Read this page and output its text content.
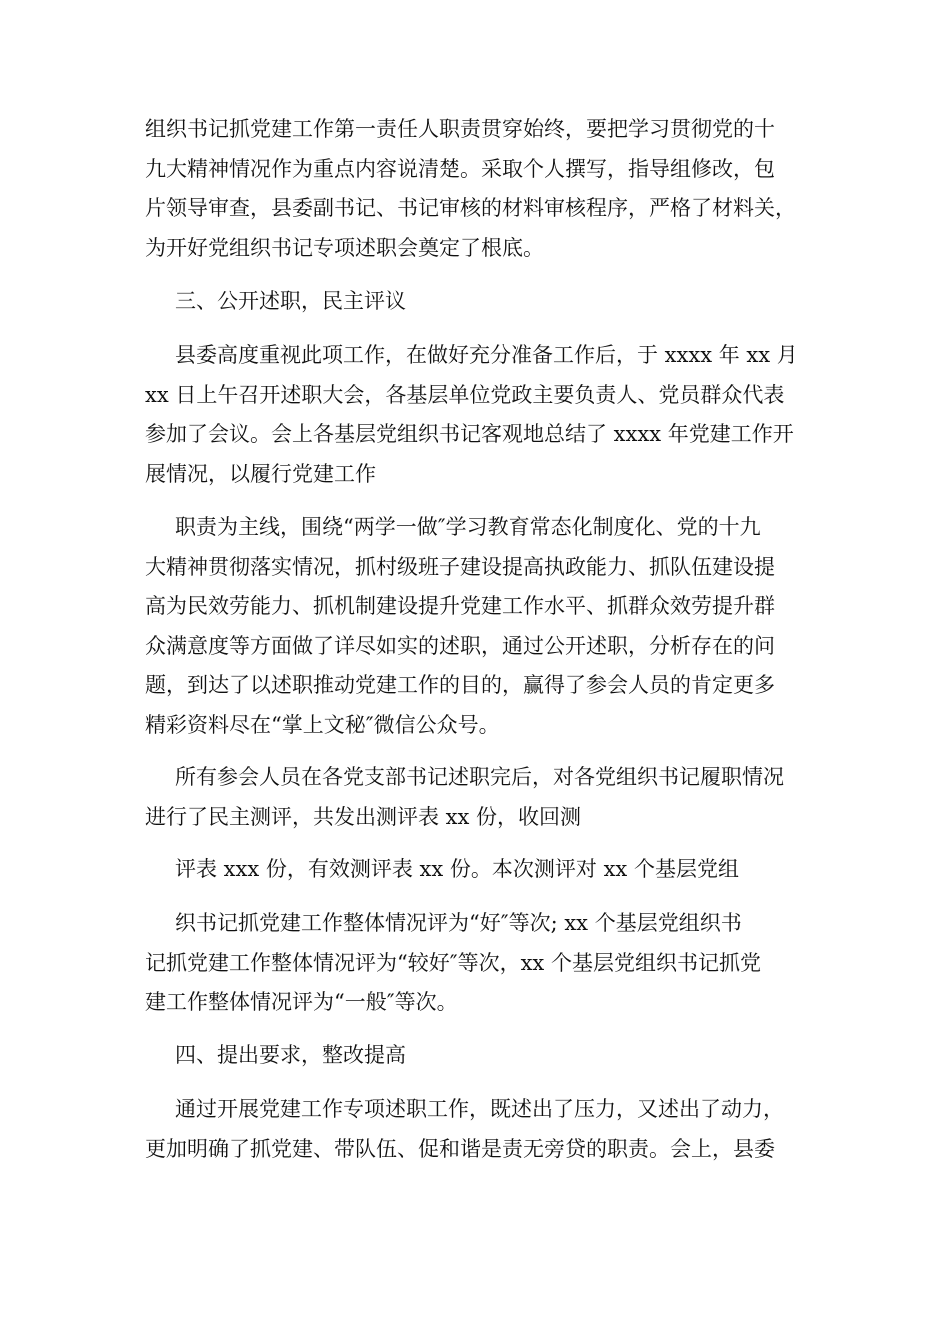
组织书记抓党建工作第一责任人职责贯穿始终，要把学习贯彻党的十
九大精神情况作为重点内容说清楚。采取个人撰写，指导组修改，包
片领导审查，县委副书记、书记审核的材料审核程序，严格了材料关，
为开好党组织书记专项述职会奠定了根底。
三、公开述职，民主评议
县委高度重视此项工作，在做好充分准备工作后，于 xxxx 年 xx 月
xx 日上午召开述职大会，各基层单位党政主要负责人、党员群众代表
参加了会议。会上各基层党组织书记客观地总结了 xxxx 年党建工作开
展情况，以履行党建工作
职责为主线，围绕“两学一做″学习教育常态化制度化、党的十九
大精神贯彻落实情况，抓村级班子建设提高执政能力、抓队伍建设提
高为民效劳能力、抓机制建设提升党建工作水平、抓群众效劳提升群
众满意度等方面做了详尽如实的述职，通过公开述职，分析存在的问
题，到达了以述职推动党建工作的目的，赢得了参会人员的肯定更多
精彩资料尽在“掌上文秘″微信公众号。
所有参会人员在各党支部书记述职完后，对各党组织书记履职情况
进行了民主测评，共发出测评表 xx 份，收回测
评表 xxx 份，有效测评表 xx 份。本次测评对 xx 个基层党组
织书记抓党建工作整体情况评为“好″等次; xx 个基层党组织书
记抓党建工作整体情况评为“较好″等次，xx 个基层党组织书记抓党
建工作整体情况评为“一般″等次。
四、提出要求，整改提高
通过开展党建工作专项述职工作，既述出了压力，又述出了动力，
更加明确了抓党建、带队伍、促和谐是责无旁贷的职责。会上，县委
